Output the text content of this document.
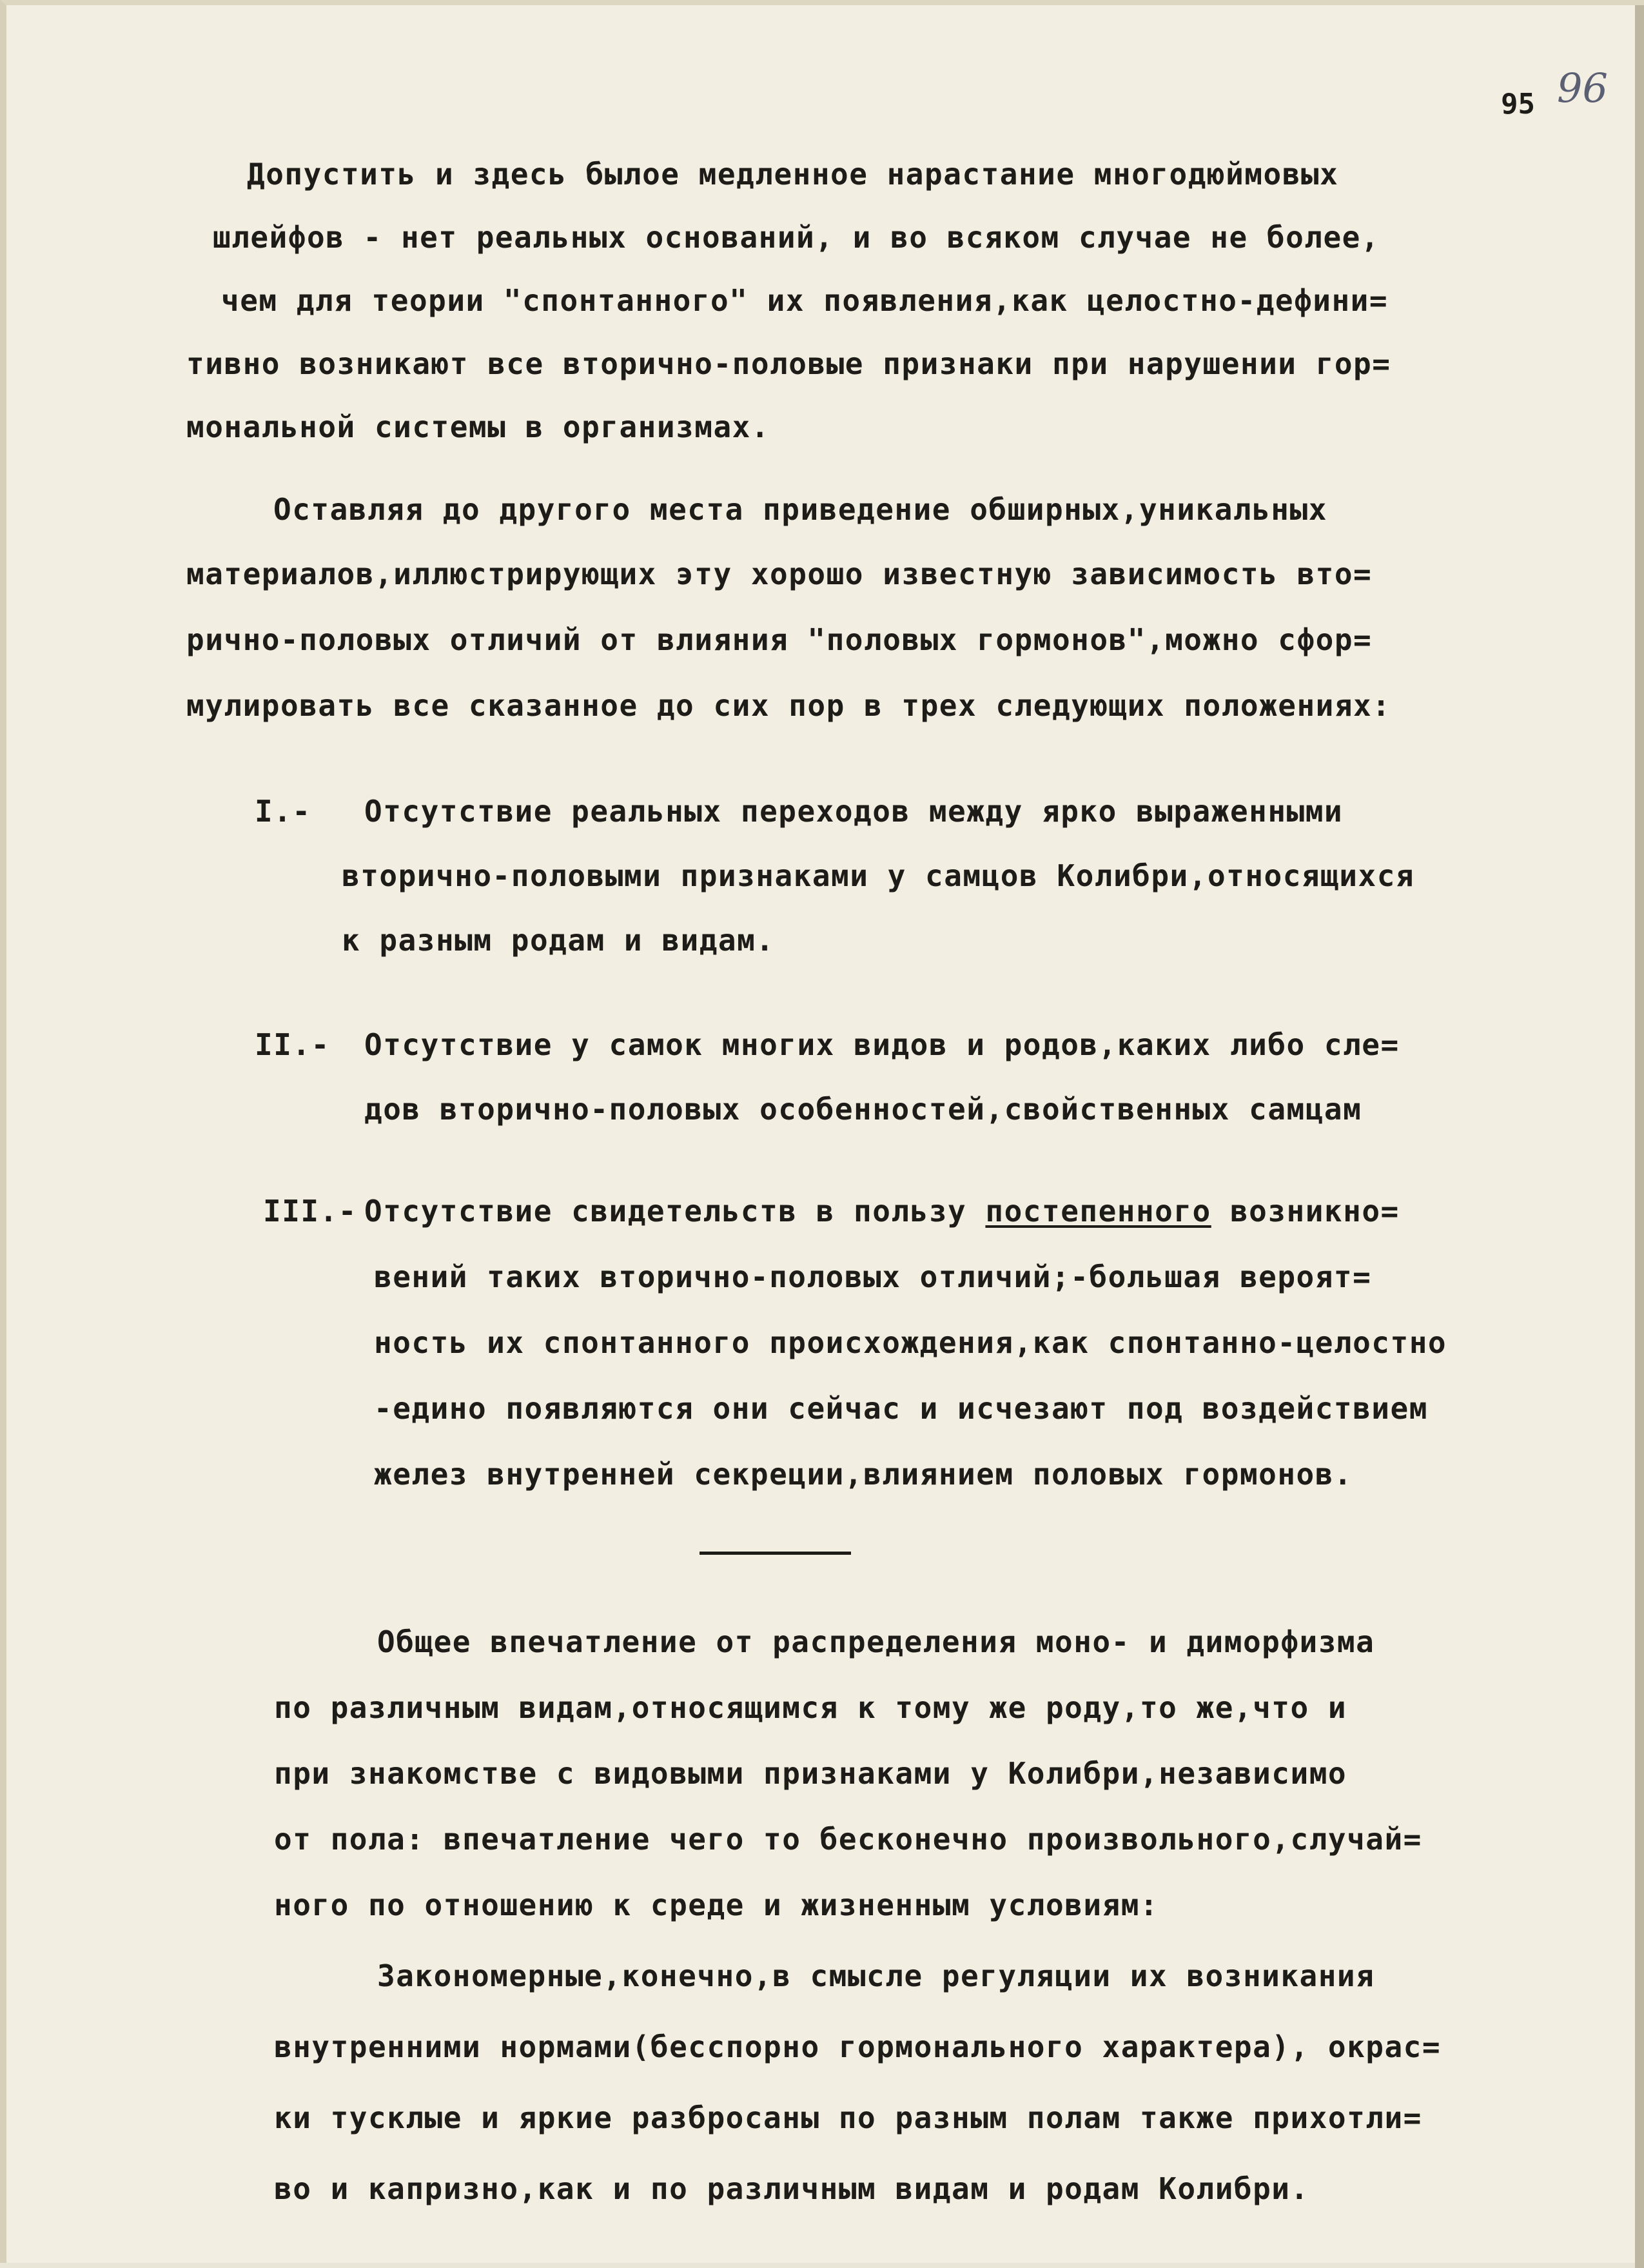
95 96
Допустить и здесь былое медленное нарастание многодюймовых
шлейфов - нет реальных оснований, и во всяком случае не более,
чем для теории "спонтанного" их появления,как целостно-дефини=
тивно возникают все вторично-половые признаки при нарушении гор=
мональной системы в организмах.
Оставляя до другого места приведение обширных,уникальных
материалов,иллюстрирующих эту хорошо известную зависимость вто=
рично-половых отличий от влияния "половых гормонов",можно сфор=
мулировать все сказанное до сих пор в трех следующих положениях:
I.- Отсутствие реальных переходов между ярко выраженными
вторично-половыми признаками у самцов Колибри,относящихся
к разным родам и видам.
II.- Отсутствие у самок многих видов и родов,каких либо сле=
дов вторично-половых особенностей,свойственных самцам
III.- Отсутствие свидетельств в пользу постепенного возникно=
вений таких вторично-половых отличий;-большая вероят=
ность их спонтанного происхождения,как спонтанно-целостно
-едино появляются они сейчас и исчезают под воздействием
желез внутренней секреции,влиянием половых гормонов.
Общее впечатление от распределения моно- и диморфизма
по различным видам,относящимся к тому же роду,то же,что и
при знакомстве с видовыми признаками у Колибри,независимо
от пола: впечатление чего то бесконечно произвольного,случай=
ного по отношению к среде и жизненным условиям:
Закономерные,конечно,в смысле регуляции их возникания
внутренними нормами(бесспорно гормонального характера), окрас=
ки тусклые и яркие разбросаны по разным полам также прихотли=
во и капризно,как и по различным видам и родам Колибри.
